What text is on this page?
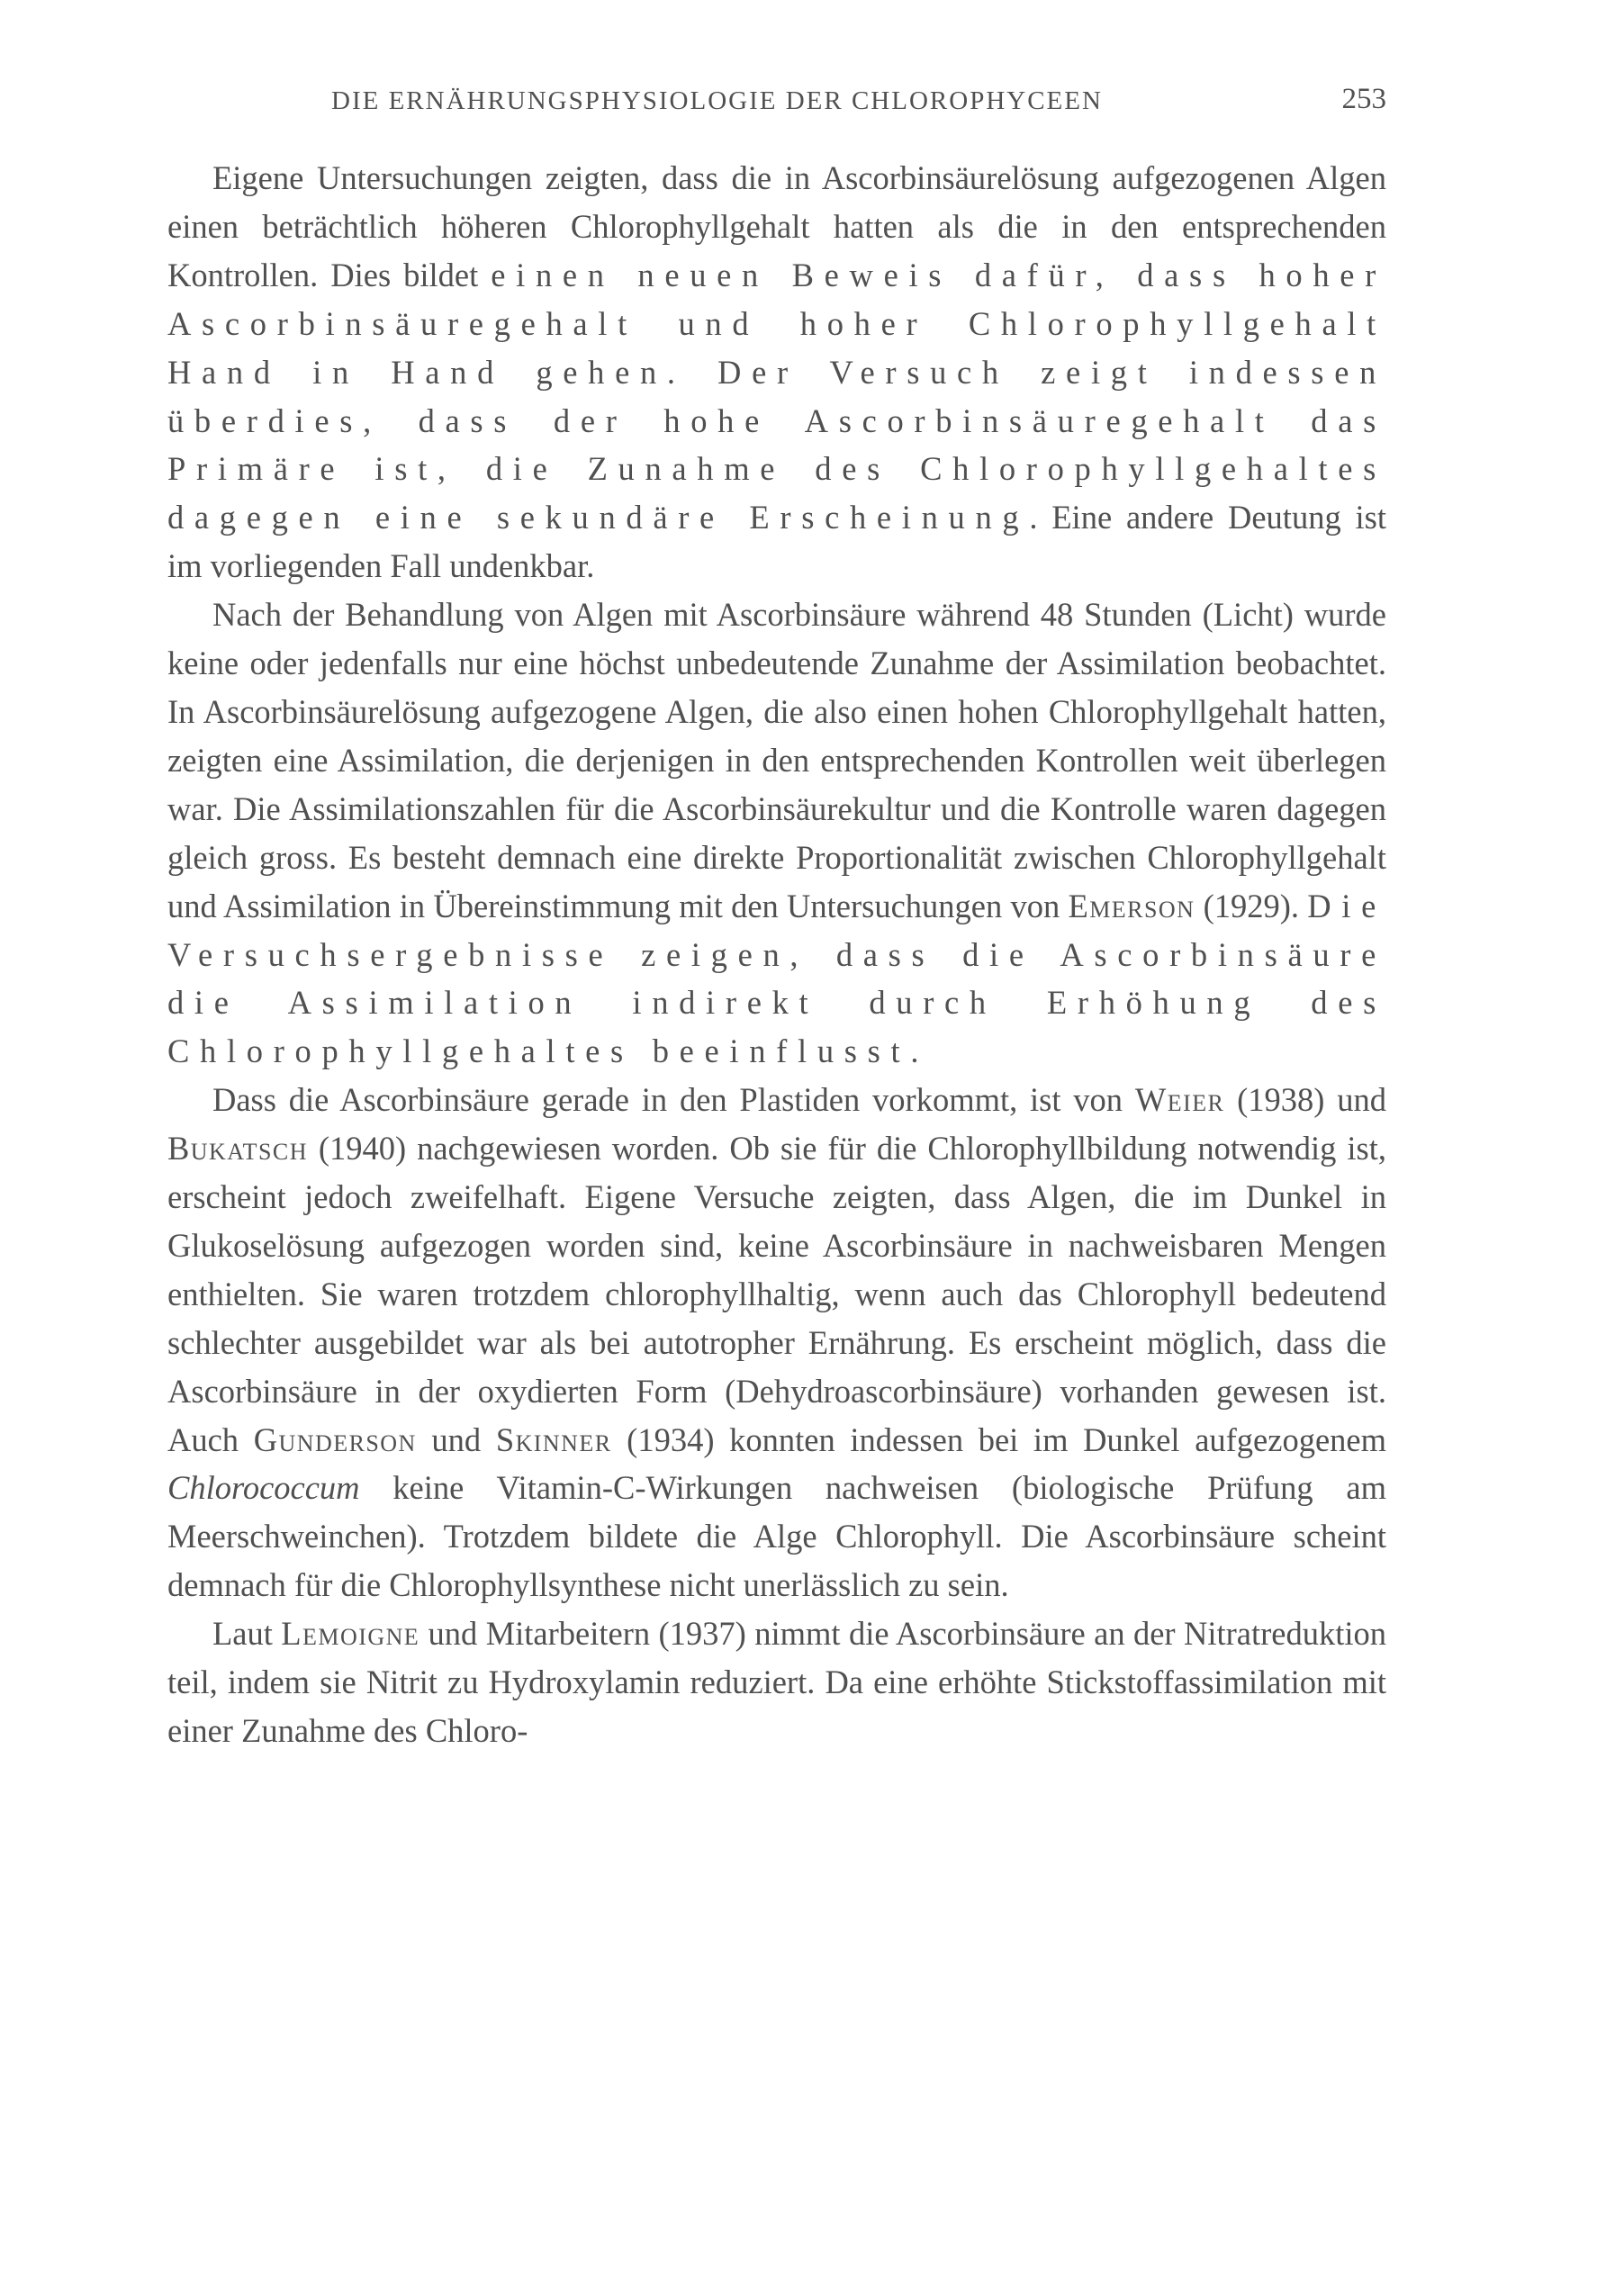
DIE ERNÄHRUNGSPHYSIOLOGIE DER CHLOROPHYCEEN	253

Eigene Untersuchungen zeigten, dass die in Ascorbinsäurelösung aufgezogenen Algen einen beträchtlich höheren Chlorophyllgehalt hatten als die in den entsprechenden Kontrollen. Dies bildet einen neuen Beweis dafür, dass hoher Ascorbinsäuregehalt und hoher Chlorophyllgehalt Hand in Hand gehen. Der Versuch zeigt indessen überdies, dass der hohe Ascorbinsäuregehalt das Primäre ist, die Zunahme des Chlorophyllgehaltes dagegen eine sekundäre Erscheinung. Eine andere Deutung ist im vorliegenden Fall undenkbar.

Nach der Behandlung von Algen mit Ascorbinsäure während 48 Stunden (Licht) wurde keine oder jedenfalls nur eine höchst unbedeutende Zunahme der Assimilation beobachtet. In Ascorbinsäurelösung aufgezogene Algen, die also einen hohen Chlorophyllgehalt hatten, zeigten eine Assimilation, die derjenigen in den entsprechenden Kontrollen weit überlegen war. Die Assimilationszahlen für die Ascorbinsäurekultur und die Kontrolle waren dagegen gleich gross. Es besteht demnach eine direkte Proportionalität zwischen Chlorophyllgehalt und Assimilation in Übereinstimmung mit den Untersuchungen von Emerson (1929). Die Versuchsergebnisse zeigen, dass die Ascorbinsäure die Assimilation indirekt durch Erhöhung des Chlorophyllgehaltes beeinflusst.

Dass die Ascorbinsäure gerade in den Plastiden vorkommt, ist von Weier (1938) und Bukatsch (1940) nachgewiesen worden. Ob sie für die Chlorophyllbildung notwendig ist, erscheint jedoch zweifelhaft. Eigene Versuche zeigten, dass Algen, die im Dunkel in Glukoselösung aufgezogen worden sind, keine Ascorbinsäure in nachweisbaren Mengen enthielten. Sie waren trotzdem chlorophyllhaltig, wenn auch das Chlorophyll bedeutend schlechter ausgebildet war als bei autotropher Ernährung. Es erscheint möglich, dass die Ascorbinsäure in der oxydierten Form (Dehydroascorbinsäure) vorhanden gewesen ist. Auch Gunderson und Skinner (1934) konnten indessen bei im Dunkel aufgezogenem Chlorococcum keine Vitamin-C-Wirkungen nachweisen (biologische Prüfung am Meerschweinchen). Trotzdem bildete die Alge Chlorophyll. Die Ascorbinsäure scheint demnach für die Chlorophyllsynthese nicht unerlässlich zu sein.

Laut Lemoigne und Mitarbeitern (1937) nimmt die Ascorbinsäure an der Nitratreduktion teil, indem sie Nitrit zu Hydroxylamin reduziert. Da eine erhöhte Stickstoffassimilation mit einer Zunahme des Chloro-
